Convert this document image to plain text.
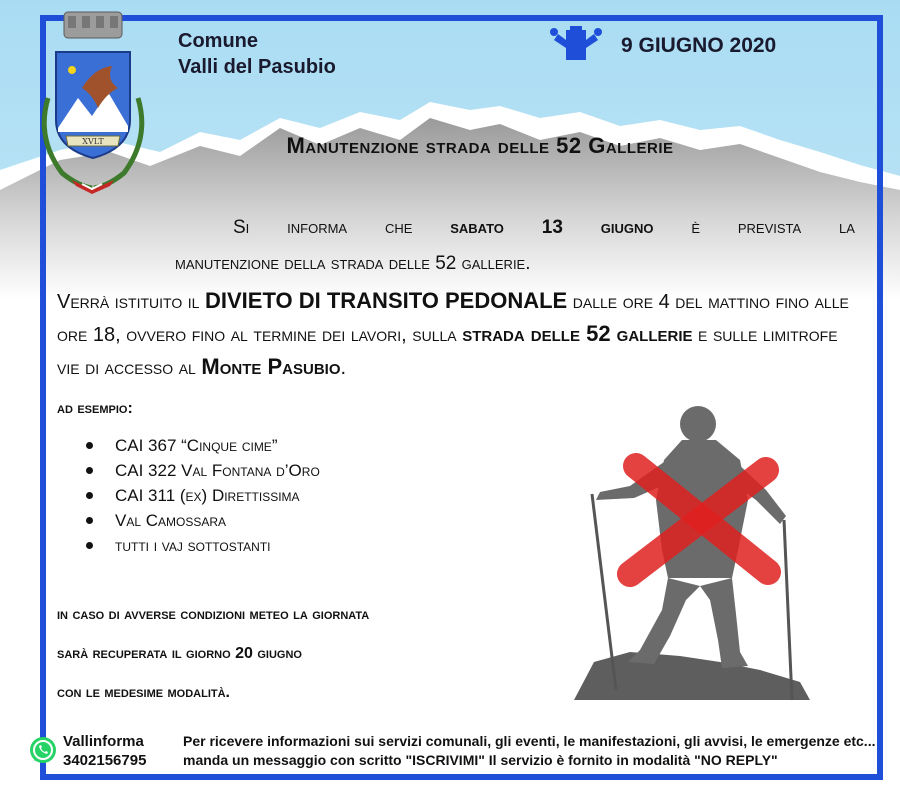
XVLT
Comune
Valli del Pasubio
9 GIUGNO 2020
Manutenzione strada delle 52 Gallerie
Si informa che sabato 13 giugno è prevista la
manutenzione della strada delle 52 gallerie.
Verrà istituito il DIVIETO DI TRANSITO PEDONALE dalle ore 4 del mattino fino alle ore 18, ovvero fino al termine dei lavori, sulla strada delle 52 gallerie e sulle limitrofe vie di accesso al Monte Pasubio.
ad esempio:
CAI 367 “Cinque cime”
CAI 322 Val Fontana d’Oro
CAI 311 (ex) Direttissima
Val Camossara
tutti i vaj sottostanti
in caso di avverse condizioni meteo la giornata
sarà recuperata il giorno 20 giugno
con le medesime modalità.
Vallinforma
3402156795
Per ricevere informazioni sui servizi comunali, gli eventi, le manifestazioni, gli avvisi, le emergenze etc...
manda un messaggio con scritto "ISCRIVIMI" Il servizio è fornito in modalità "NO REPLY"
